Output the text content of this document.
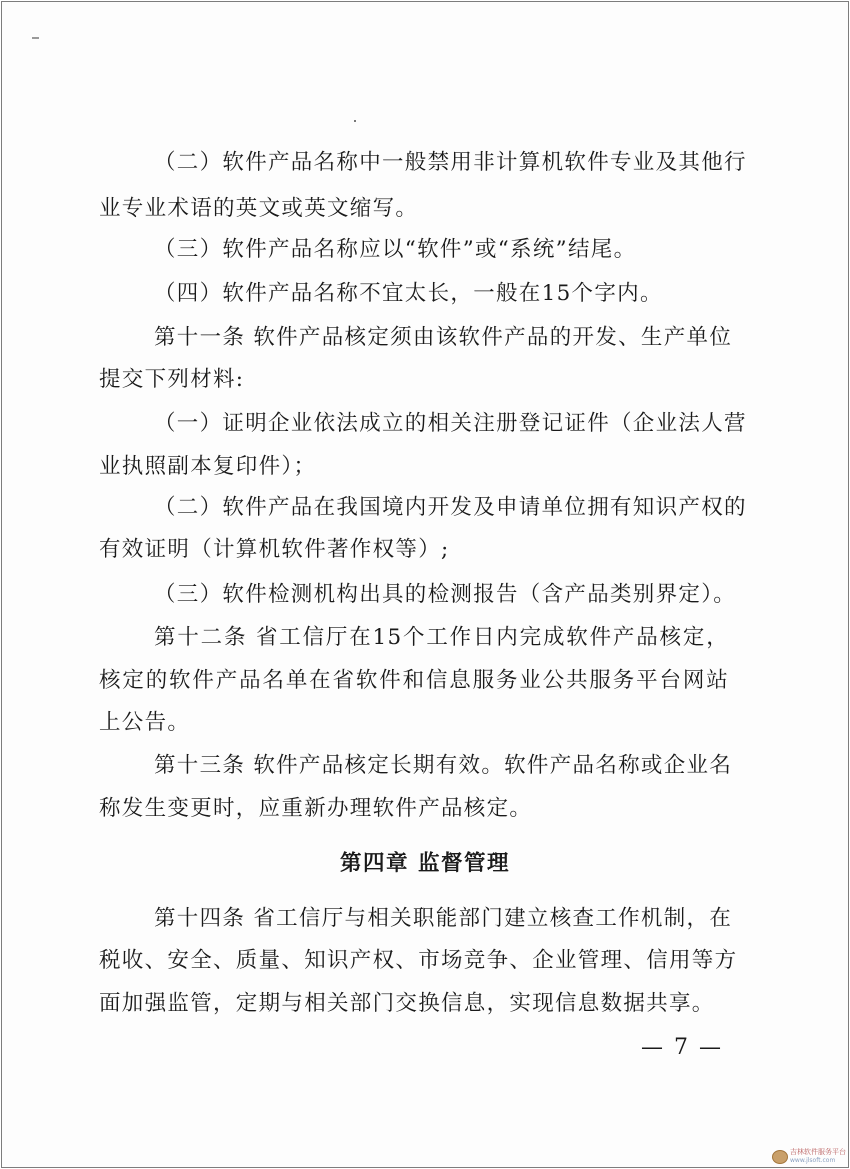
（二）软件产品名称中一般禁用非计算机软件专业及其他行
业专业术语的英文或英文缩写。
（三）软件产品名称应以“软件”或“系统”结尾。
（四）软件产品名称不宜太长，一般在15个字内。
第十一条 软件产品核定须由该软件产品的开发、生产单位
提交下列材料:
（一）证明企业依法成立的相关注册登记证件（企业法人营
业执照副本复印件）；
（二）软件产品在我国境内开发及申请单位拥有知识产权的
有效证明（计算机软件著作权等）;
（三）软件检测机构出具的检测报告（含产品类别界定）。
第十二条 省工信厅在15个工作日内完成软件产品核定，
核定的软件产品名单在省软件和信息服务业公共服务平台网站
上公告。
第十三条 软件产品核定长期有效。软件产品名称或企业名
称发生变更时，应重新办理软件产品核定。
第四章 监督管理
第十四条 省工信厅与相关职能部门建立核查工作机制，在
税收、安全、质量、知识产权、市场竞争、企业管理、信用等方
面加强监管，定期与相关部门交换信息，实现信息数据共享。
— 7 —
吉林软件服务平台
www.jlsoft.com
